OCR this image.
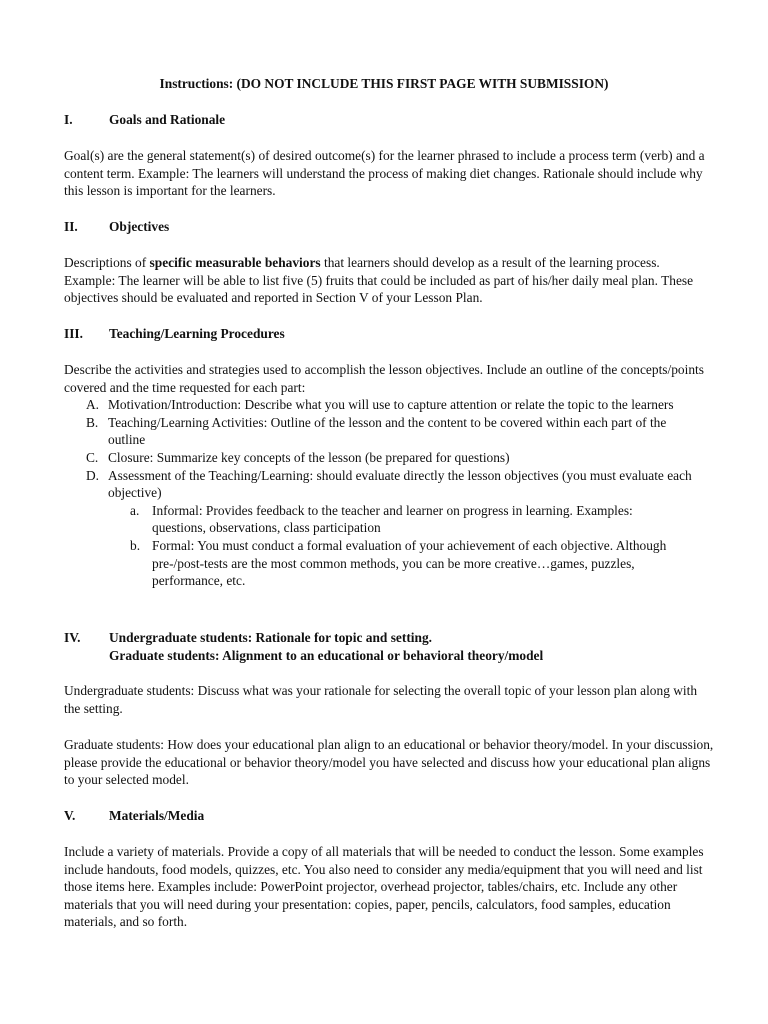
Instructions: (DO NOT INCLUDE THIS FIRST PAGE WITH SUBMISSION)
I.	Goals and Rationale

Goal(s) are the general statement(s) of desired outcome(s) for the learner phrased to include a process term (verb) and a content term. Example: The learners will understand the process of making diet changes. Rationale should include why this lesson is important for the learners.

II.	Objectives

Descriptions of specific measurable behaviors that learners should develop as a result of the learning process. Example: The learner will be able to list five (5) fruits that could be included as part of his/her daily meal plan. These objectives should be evaluated and reported in Section V of your Lesson Plan.

III.	Teaching/Learning Procedures

Describe the activities and strategies used to accomplish the lesson objectives. Include an outline of the concepts/points covered and the time requested for each part:

A. Motivation/Introduction: Describe what you will use to capture attention or relate the topic to the learners
B. Teaching/Learning Activities: Outline of the lesson and the content to be covered within each part of the outline
C. Closure: Summarize key concepts of the lesson (be prepared for questions)
D. Assessment of the Teaching/Learning: should evaluate directly the lesson objectives (you must evaluate each objective)
a. Informal: Provides feedback to the teacher and learner on progress in learning. Examples: questions, observations, class participation
b. Formal: You must conduct a formal evaluation of your achievement of each objective. Although pre-/post-tests are the most common methods, you can be more creative…games, puzzles, performance, etc.
IV.	Undergraduate students: Rationale for topic and setting.
Graduate students: Alignment to an educational or behavioral theory/model

Undergraduate students: Discuss what was your rationale for selecting the overall topic of your lesson plan along with the setting.

Graduate students: How does your educational plan align to an educational or behavior theory/model. In your discussion, please provide the educational or behavior theory/model you have selected and discuss how your educational plan aligns to your selected model.

V.	Materials/Media

Include a variety of materials. Provide a copy of all materials that will be needed to conduct the lesson. Some examples include handouts, food models, quizzes, etc. You also need to consider any media/equipment that you will need and list those items here. Examples include: PowerPoint projector, overhead projector, tables/chairs, etc. Include any other materials that you will need during your presentation: copies, paper, pencils, calculators, food samples, education materials, and so forth.
